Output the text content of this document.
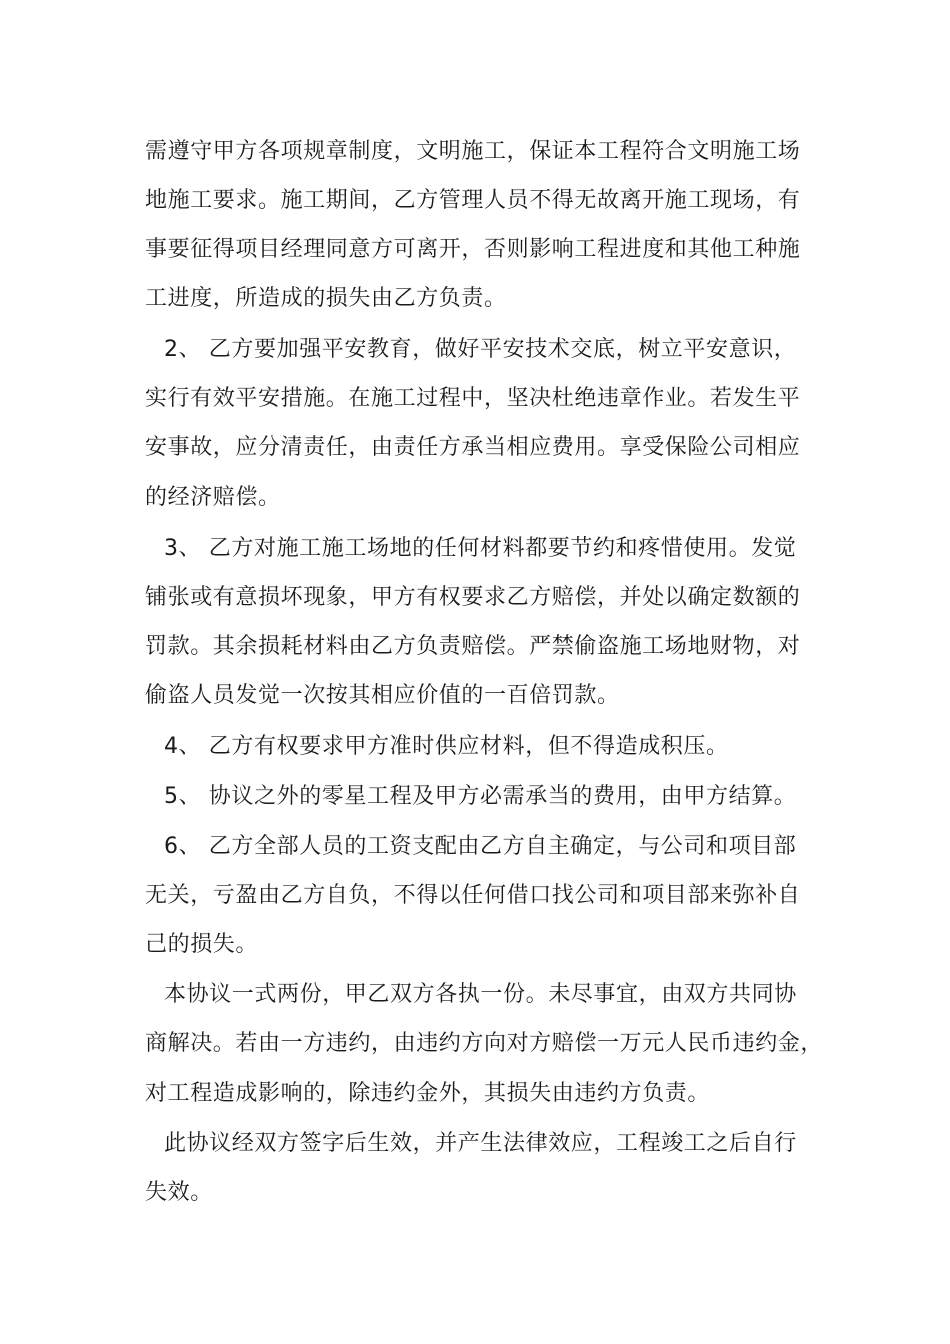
需遵守甲方各项规章制度，文明施工，保证本工程符合文明施工场

地施工要求。施工期间，乙方管理人员不得无故离开施工现场，有

事要征得项目经理同意方可离开，否则影响工程进度和其他工种施

工进度，所造成的损失由乙方负责。

2、 乙方要加强平安教育，做好平安技术交底，树立平安意识，

实行有效平安措施。在施工过程中，坚决杜绝违章作业。若发生平

安事故，应分清责任，由责任方承当相应费用。享受保险公司相应

的经济赔偿。

3、 乙方对施工施工场地的任何材料都要节约和疼惜使用。发觉

铺张或有意损坏现象，甲方有权要求乙方赔偿，并处以确定数额的

罚款。其余损耗材料由乙方负责赔偿。严禁偷盗施工场地财物，对

偷盗人员发觉一次按其相应价值的一百倍罚款。

4、 乙方有权要求甲方准时供应材料，但不得造成积压。

5、 协议之外的零星工程及甲方必需承当的费用，由甲方结算。

6、 乙方全部人员的工资支配由乙方自主确定，与公司和项目部

无关，亏盈由乙方自负，不得以任何借口找公司和项目部来弥补自

己的损失。

本协议一式两份，甲乙双方各执一份。未尽事宜，由双方共同协

商解决。若由一方违约，由违约方向对方赔偿一万元人民币违约金，

对工程造成影响的，除违约金外，其损失由违约方负责。

此协议经双方签字后生效，并产生法律效应，工程竣工之后自行

失效。
